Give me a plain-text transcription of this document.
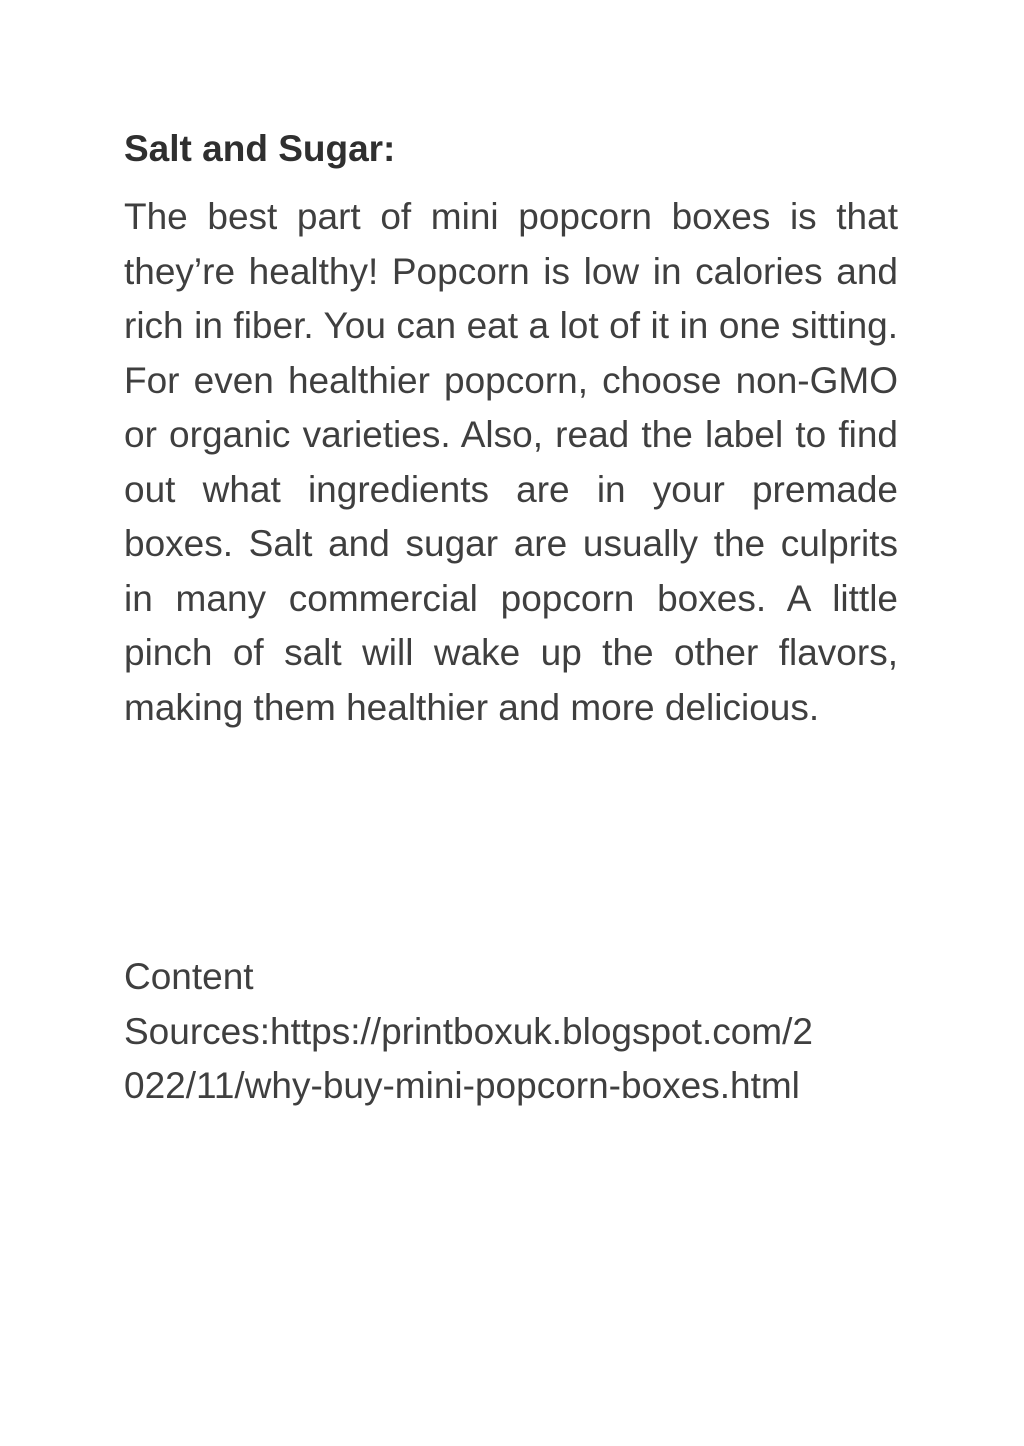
Salt and Sugar:

The best part of mini popcorn boxes is that they’re healthy! Popcorn is low in calories and rich in fiber. You can eat a lot of it in one sitting. For even healthier popcorn, choose non-GMO or organic varieties. Also, read the label to find out what ingredients are in your premade boxes. Salt and sugar are usually the culprits in many commercial popcorn boxes. A little pinch of salt will wake up the other flavors, making them healthier and more delicious.

Content
Sources:https://printboxuk.blogspot.com/2
022/11/why-buy-mini-popcorn-boxes.html
